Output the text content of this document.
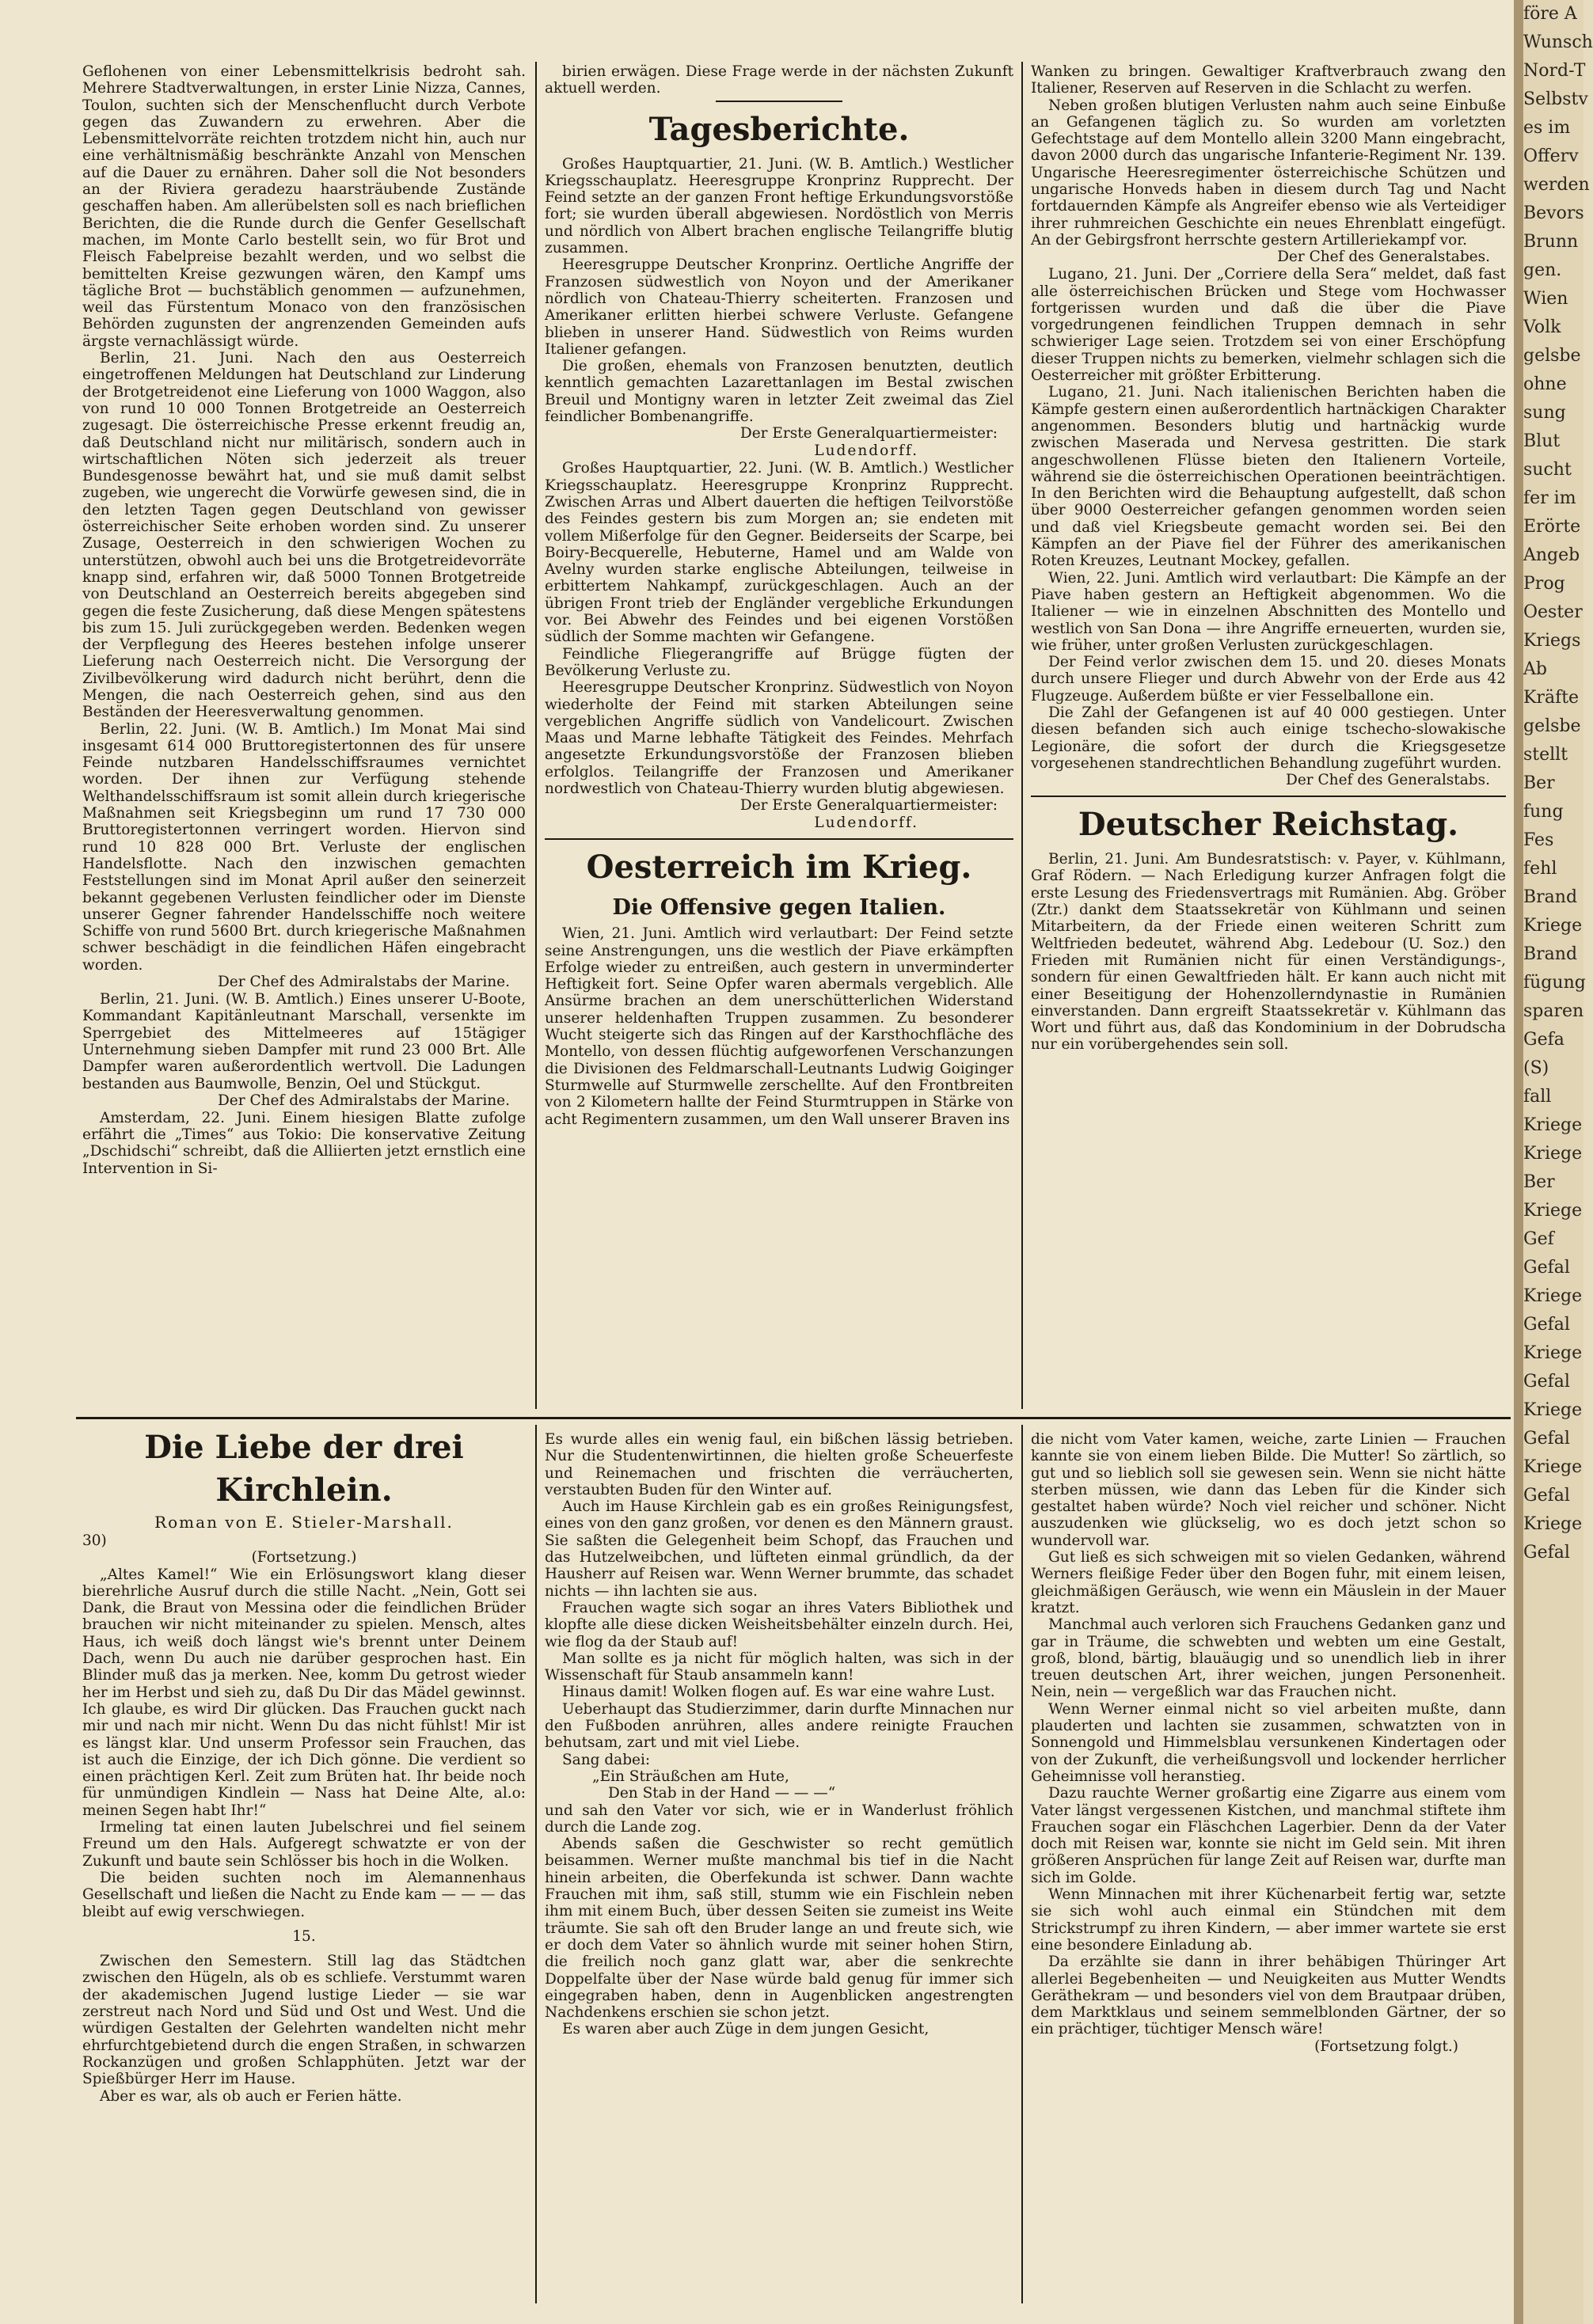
före A
Wunsch
Nord-T
Selbstv
es im
Offerv
werden
Bevors
Brunn
gen.
Wien
Volk
gelsbe
ohne
sung
Blut
sucht
fer im
Erörte
Angeb
Prog
Oester
Kriegs
Ab
Kräfte
gelsbe
stellt
Ber
fung
Fes
fehl
Brand
Kriege
Brand
fügung
sparen
Gefa
(S)
fall
Kriege
Kriege
Ber
Kriege
Gef
Gefal
Kriege
Gefal
Kriege
Gefal
Kriege
Gefal
Kriege
Gefal
Kriege
Gefal

Geflohenen von einer Lebensmittelkrisis bedroht sah. Mehrere Stadtverwaltungen, in erster Linie Nizza, Cannes, Toulon, suchten sich der Menschenflucht durch Verbote gegen das Zuwandern zu erwehren. Aber die Lebensmittelvorräte reichten trotzdem nicht hin, auch nur eine verhältnismäßig beschränkte Anzahl von Menschen auf die Dauer zu ernähren. Daher soll die Not besonders an der Riviera geradezu haarsträubende Zustände geschaffen haben. Am allerübelsten soll es nach brieflichen Berichten, die die Runde durch die Genfer Gesellschaft machen, im Monte Carlo bestellt sein, wo für Brot und Fleisch Fabelpreise bezahlt werden, und wo selbst die bemittelten Kreise gezwungen wären, den Kampf ums tägliche Brot — buchstäblich genommen — aufzunehmen, weil das Fürstentum Monaco von den französischen Behörden zugunsten der angrenzenden Gemeinden aufs ärgste vernachlässigt würde.

Berlin, 21. Juni. Nach den aus Oesterreich eingetroffenen Meldungen hat Deutschland zur Linderung der Brotgetreidenot eine Lieferung von 1000 Waggon, also von rund 10 000 Tonnen Brotgetreide an Oesterreich zugesagt. Die österreichische Presse erkennt freudig an, daß Deutschland nicht nur militärisch, sondern auch in wirtschaftlichen Nöten sich jederzeit als treuer Bundesgenosse bewährt hat, und sie muß damit selbst zugeben, wie ungerecht die Vorwürfe gewesen sind, die in den letzten Tagen gegen Deutschland von gewisser österreichischer Seite erhoben worden sind. Zu unserer Zusage, Oesterreich in den schwierigen Wochen zu unterstützen, obwohl auch bei uns die Brotgetreidevorräte knapp sind, erfahren wir, daß 5000 Tonnen Brotgetreide von Deutschland an Oesterreich bereits abgegeben sind gegen die feste Zusicherung, daß diese Mengen spätestens bis zum 15. Juli zurückgegeben werden. Bedenken wegen der Verpflegung des Heeres bestehen infolge unserer Lieferung nach Oesterreich nicht. Die Versorgung der Zivilbevölkerung wird dadurch nicht berührt, denn die Mengen, die nach Oesterreich gehen, sind aus den Beständen der Heeresverwaltung genommen.

Berlin, 22. Juni. (W. B. Amtlich.) Im Monat Mai sind insgesamt 614 000 Bruttoregistertonnen des für unsere Feinde nutzbaren Handelsschiffsraumes vernichtet worden. Der ihnen zur Verfügung stehende Welthandelsschiffsraum ist somit allein durch kriegerische Maßnahmen seit Kriegsbeginn um rund 17 730 000 Bruttoregistertonnen verringert worden. Hiervon sind rund 10 828 000 Brt. Verluste der englischen Handelsflotte. Nach den inzwischen gemachten Feststellungen sind im Monat April außer den seinerzeit bekannt gegebenen Verlusten feindlicher oder im Dienste unserer Gegner fahrender Handelsschiffe noch weitere Schiffe von rund 5600 Brt. durch kriegerische Maßnahmen schwer beschädigt in die feindlichen Häfen eingebracht worden.

Der Chef des Admiralstabs der Marine.

Berlin, 21. Juni. (W. B. Amtlich.) Eines unserer U-Boote, Kommandant Kapitänleutnant Marschall, versenkte im Sperrgebiet des Mittelmeeres auf 15tägiger Unternehmung sieben Dampfer mit rund 23 000 Brt. Alle Dampfer waren außerordentlich wertvoll. Die Ladungen bestanden aus Baumwolle, Benzin, Oel und Stückgut.

Der Chef des Admiralstabs der Marine.

Amsterdam, 22. Juni. Einem hiesigen Blatte zufolge erfährt die „Times“ aus Tokio: Die konservative Zeitung „Dschidschi“ schreibt, daß die Alliierten jetzt ernstlich eine Intervention in Si-

birien erwägen. Diese Frage werde in der nächsten Zukunft aktuell werden.

Tagesberichte.

Großes Hauptquartier, 21. Juni. (W. B. Amtlich.) Westlicher Kriegsschauplatz. Heeresgruppe Kronprinz Rupprecht. Der Feind setzte an der ganzen Front heftige Erkundungsvorstöße fort; sie wurden überall abgewiesen. Nordöstlich von Merris und nördlich von Albert brachen englische Teilangriffe blutig zusammen.

Heeresgruppe Deutscher Kronprinz. Oertliche Angriffe der Franzosen südwestlich von Noyon und der Amerikaner nördlich von Chateau-Thierry scheiterten. Franzosen und Amerikaner erlitten hierbei schwere Verluste. Gefangene blieben in unserer Hand. Südwestlich von Reims wurden Italiener gefangen.

Die großen, ehemals von Franzosen benutzten, deutlich kenntlich gemachten Lazarettanlagen im Bestal zwischen Breuil und Montigny waren in letzter Zeit zweimal das Ziel feindlicher Bombenangriffe.

Der Erste Generalquartiermeister:

Ludendorff.

Großes Hauptquartier, 22. Juni. (W. B. Amtlich.) Westlicher Kriegsschauplatz. Heeresgruppe Kronprinz Rupprecht. Zwischen Arras und Albert dauerten die heftigen Teilvorstöße des Feindes gestern bis zum Morgen an; sie endeten mit vollem Mißerfolge für den Gegner. Beiderseits der Scarpe, bei Boiry-Becquerelle, Hebuterne, Hamel und am Walde von Avelny wurden starke englische Abteilungen, teilweise in erbittertem Nahkampf, zurückgeschlagen. Auch an der übrigen Front trieb der Engländer vergebliche Erkundungen vor. Bei Abwehr des Feindes und bei eigenen Vorstößen südlich der Somme machten wir Gefangene.

Feindliche Fliegerangriffe auf Brügge fügten der Bevölkerung Verluste zu.

Heeresgruppe Deutscher Kronprinz. Südwestlich von Noyon wiederholte der Feind mit starken Abteilungen seine vergeblichen Angriffe südlich von Vandelicourt. Zwischen Maas und Marne lebhafte Tätigkeit des Feindes. Mehrfach angesetzte Erkundungsvorstöße der Franzosen blieben erfolglos. Teilangriffe der Franzosen und Amerikaner nordwestlich von Chateau-Thierry wurden blutig abgewiesen.

Der Erste Generalquartiermeister:

Ludendorff.

Oesterreich im Krieg.
Die Offensive gegen Italien.

Wien, 21. Juni. Amtlich wird verlautbart: Der Feind setzte seine Anstrengungen, uns die westlich der Piave erkämpften Erfolge wieder zu entreißen, auch gestern in unverminderter Heftigkeit fort. Seine Opfer waren abermals vergeblich. Alle Ansürme brachen an dem unerschütterlichen Widerstand unserer heldenhaften Truppen zusammen. Zu besonderer Wucht steigerte sich das Ringen auf der Karsthochfläche des Montello, von dessen flüchtig aufgeworfenen Verschanzungen die Divisionen des Feldmarschall-Leutnants Ludwig Goiginger Sturmwelle auf Sturmwelle zerschellte. Auf den Frontbreiten von 2 Kilometern hallte der Feind Sturmtruppen in Stärke von acht Regimentern zusammen, um den Wall unserer Braven ins

Wanken zu bringen. Gewaltiger Kraftverbrauch zwang den Italiener, Reserven auf Reserven in die Schlacht zu werfen.

Neben großen blutigen Verlusten nahm auch seine Einbuße an Gefangenen täglich zu. So wurden am vorletzten Gefechtstage auf dem Montello allein 3200 Mann eingebracht, davon 2000 durch das ungarische Infanterie-Regiment Nr. 139. Ungarische Heeresregimenter österreichische Schützen und ungarische Honveds haben in diesem durch Tag und Nacht fortdauernden Kämpfe als Angreifer ebenso wie als Verteidiger ihrer ruhmreichen Geschichte ein neues Ehrenblatt eingefügt. An der Gebirgsfront herrschte gestern Artilleriekampf vor.

Der Chef des Generalstabes.

Lugano, 21. Juni. Der „Corriere della Sera“ meldet, daß fast alle österreichischen Brücken und Stege vom Hochwasser fortgerissen wurden und daß die über die Piave vorgedrungenen feindlichen Truppen demnach in sehr schwieriger Lage seien. Trotzdem sei von einer Erschöpfung dieser Truppen nichts zu bemerken, vielmehr schlagen sich die Oesterreicher mit größter Erbitterung.

Lugano, 21. Juni. Nach italienischen Berichten haben die Kämpfe gestern einen außerordentlich hartnäckigen Charakter angenommen. Besonders blutig und hartnäckig wurde zwischen Maserada und Nervesa gestritten. Die stark angeschwollenen Flüsse bieten den Italienern Vorteile, während sie die österreichischen Operationen beeinträchtigen. In den Berichten wird die Behauptung aufgestellt, daß schon über 9000 Oesterreicher gefangen genommen worden seien und daß viel Kriegsbeute gemacht worden sei. Bei den Kämpfen an der Piave fiel der Führer des amerikanischen Roten Kreuzes, Leutnant Mockey, gefallen.

Wien, 22. Juni. Amtlich wird verlautbart: Die Kämpfe an der Piave haben gestern an Heftigkeit abgenommen. Wo die Italiener — wie in einzelnen Abschnitten des Montello und westlich von San Dona — ihre Angriffe erneuerten, wurden sie, wie früher, unter großen Verlusten zurückgeschlagen.

Der Feind verlor zwischen dem 15. und 20. dieses Monats durch unsere Flieger und durch Abwehr von der Erde aus 42 Flugzeuge. Außerdem büßte er vier Fesselballone ein.

Die Zahl der Gefangenen ist auf 40 000 gestiegen. Unter diesen befanden sich auch einige tschecho-slowakische Legionäre, die sofort der durch die Kriegsgesetze vorgesehenen standrechtlichen Behandlung zugeführt wurden.

Der Chef des Generalstabs.

Deutscher Reichstag.

Berlin, 21. Juni. Am Bundesratstisch: v. Payer, v. Kühlmann, Graf Rödern. — Nach Erledigung kurzer Anfragen folgt die erste Lesung des Friedensvertrags mit Rumänien. Abg. Gröber (Ztr.) dankt dem Staatssekretär von Kühlmann und seinen Mitarbeitern, da der Friede einen weiteren Schritt zum Weltfrieden bedeutet, während Abg. Ledebour (U. Soz.) den Frieden mit Rumänien nicht für einen Verständigungs-, sondern für einen Gewaltfrieden hält. Er kann auch nicht mit einer Beseitigung der Hohenzollerndynastie in Rumänien einverstanden. Dann ergreift Staatssekretär v. Kühlmann das Wort und führt aus, daß das Kondominium in der Dobrudscha nur ein vorübergehendes sein soll.

Die Liebe der drei Kirchlein.
Roman von E. Stieler-Marshall.

30)

(Fortsetzung.)

„Altes Kamel!“ Wie ein Erlösungswort klang dieser bierehrliche Ausruf durch die stille Nacht. „Nein, Gott sei Dank, die Braut von Messina oder die feindlichen Brüder brauchen wir nicht miteinander zu spielen. Mensch, altes Haus, ich weiß doch längst wie's brennt unter Deinem Dach, wenn Du auch nie darüber gesprochen hast. Ein Blinder muß das ja merken. Nee, komm Du getrost wieder her im Herbst und sieh zu, daß Du Dir das Mädel gewinnst. Ich glaube, es wird Dir glücken. Das Frauchen guckt nach mir und nach mir nicht. Wenn Du das nicht fühlst! Mir ist es längst klar. Und unserm Professor sein Frauchen, das ist auch die Einzige, der ich Dich gönne. Die verdient so einen prächtigen Kerl. Zeit zum Brüten hat. Ihr beide noch für unmündigen Kindlein — Nass hat Deine Alte, al.o: meinen Segen habt Ihr!“

Irmeling tat einen lauten Jubelschrei und fiel seinem Freund um den Hals. Aufgeregt schwatzte er von der Zukunft und baute sein Schlösser bis hoch in die Wolken.

Die beiden suchten noch im Alemannenhaus Gesellschaft und ließen die Nacht zu Ende kam — — — das bleibt auf ewig verschwiegen.

15.

Zwischen den Semestern. Still lag das Städtchen zwischen den Hügeln, als ob es schliefe. Verstummt waren der akademischen Jugend lustige Lieder — sie war zerstreut nach Nord und Süd und Ost und West. Und die würdigen Gestalten der Gelehrten wandelten nicht mehr ehrfurchtgebietend durch die engen Straßen, in schwarzen Rockanzügen und großen Schlapphüten. Jetzt war der Spießbürger Herr im Hause.

Aber es war, als ob auch er Ferien hätte.

Es wurde alles ein wenig faul, ein bißchen lässig betrieben. Nur die Studentenwirtinnen, die hielten große Scheuerfeste und Reinemachen und frischten die verräucherten, verstaubten Buden für den Winter auf.

Auch im Hause Kirchlein gab es ein großes Reinigungsfest, eines von den ganz großen, vor denen es den Männern graust. Sie saßten die Gelegenheit beim Schopf, das Frauchen und das Hutzelweibchen, und lüfteten einmal gründlich, da der Hausherr auf Reisen war. Wenn Werner brummte, das schadet nichts — ihn lachten sie aus.

Frauchen wagte sich sogar an ihres Vaters Bibliothek und klopfte alle diese dicken Weisheitsbehälter einzeln durch. Hei, wie flog da der Staub auf!

Man sollte es ja nicht für möglich halten, was sich in der Wissenschaft für Staub ansammeln kann!

Hinaus damit! Wolken flogen auf. Es war eine wahre Lust.

Ueberhaupt das Studierzimmer, darin durfte Minnachen nur den Fußboden anrühren, alles andere reinigte Frauchen behutsam, zart und mit viel Liebe.

Sang dabei:

„Ein Sträußchen am Hute,

Den Stab in der Hand — — —“

und sah den Vater vor sich, wie er in Wanderlust fröhlich durch die Lande zog.

Abends saßen die Geschwister so recht gemütlich beisammen. Werner mußte manchmal bis tief in die Nacht hinein arbeiten, die Oberfekunda ist schwer. Dann wachte Frauchen mit ihm, saß still, stumm wie ein Fischlein neben ihm mit einem Buch, über dessen Seiten sie zumeist ins Weite träumte. Sie sah oft den Bruder lange an und freute sich, wie er doch dem Vater so ähnlich wurde mit seiner hohen Stirn, die freilich noch ganz glatt war, aber die senkrechte Doppelfalte über der Nase würde bald genug für immer sich eingegraben haben, denn in Augenblicken angestrengten Nachdenkens erschien sie schon jetzt.

Es waren aber auch Züge in dem jungen Gesicht,

die nicht vom Vater kamen, weiche, zarte Linien — Frauchen kannte sie von einem lieben Bilde. Die Mutter! So zärtlich, so gut und so lieblich soll sie gewesen sein. Wenn sie nicht hätte sterben müssen, wie dann das Leben für die Kinder sich gestaltet haben würde? Noch viel reicher und schöner. Nicht auszudenken wie glückselig, wo es doch jetzt schon so wundervoll war.

Gut ließ es sich schweigen mit so vielen Gedanken, während Werners fleißige Feder über den Bogen fuhr, mit einem leisen, gleichmäßigen Geräusch, wie wenn ein Mäuslein in der Mauer kratzt.

Manchmal auch verloren sich Frauchens Gedanken ganz und gar in Träume, die schwebten und webten um eine Gestalt, groß, blond, bärtig, blauäugig und so unendlich lieb in ihrer treuen deutschen Art, ihrer weichen, jungen Personenheit. Nein, nein — vergeßlich war das Frauchen nicht.

Wenn Werner einmal nicht so viel arbeiten mußte, dann plauderten und lachten sie zusammen, schwatzten von in Sonnengold und Himmelsblau versunkenen Kindertagen oder von der Zukunft, die verheißungsvoll und lockender herrlicher Geheimnisse voll heranstieg.

Dazu rauchte Werner großartig eine Zigarre aus einem vom Vater längst vergessenen Kistchen, und manchmal stiftete ihm Frauchen sogar ein Fläschchen Lagerbier. Denn da der Vater doch mit Reisen war, konnte sie nicht im Geld sein. Mit ihren größeren Ansprüchen für lange Zeit auf Reisen war, durfte man sich im Golde.

Wenn Minnachen mit ihrer Küchenarbeit fertig war, setzte sie sich wohl auch einmal ein Stündchen mit dem Strickstrumpf zu ihren Kindern, — aber immer wartete sie erst eine besondere Einladung ab.

Da erzählte sie dann in ihrer behäbigen Thüringer Art allerlei Begebenheiten — und Neuigkeiten aus Mutter Wendts Geräthekram — und besonders viel von dem Brautpaar drüben, dem Marktklaus und seinem semmelblonden Gärtner, der so ein prächtiger, tüchtiger Mensch wäre!

(Fortsetzung folgt.)
